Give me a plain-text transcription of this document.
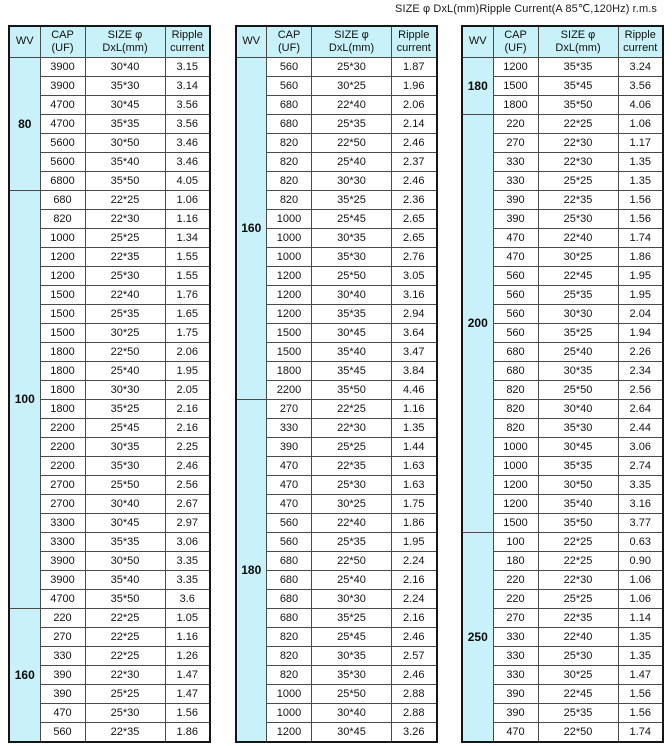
SIZE φ DxL(mm)Ripple Current(A 85℃,120Hz) r.m.s
WV

CAP
(UF)

SIZE φ
DxL(mm)

Ripple
current

80	3900	30*40	3.15
	3900	35*30	3.14
	4700	30*45	3.56
	4700	35*35	3.56
	5600	30*50	3.46
	5600	35*40	3.46
	6800	35*50	4.05
100	680	22*25	1.06
	820	22*30	1.16
	1000	25*25	1.34
	1200	22*35	1.55
	1200	25*30	1.55
	1500	22*40	1.76
	1500	25*35	1.65
	1500	30*25	1.75
	1800	22*50	2.06
	1800	25*40	1.95
	1800	30*30	2.05
	1800	35*25	2.16
	2200	25*45	2.16
	2200	30*35	2.25
	2200	35*30	2.46
	2700	25*50	2.56
	2700	30*40	2.67
	3300	30*45	2.97
	3300	35*35	3.06
	3900	30*50	3.35
	3900	35*40	3.35
	4700	35*50	3.6
160	220	22*25	1.05
	270	22*25	1.16
	330	22*25	1.26
	390	22*30	1.47
	390	25*25	1.47
	470	25*30	1.56
	560	22*35	1.86
WV

CAP
(UF)

SIZE φ
DxL(mm)

Ripple
current

160	560	25*30	1.87
	560	30*25	1.96
	680	22*40	2.06
	680	25*35	2.14
	820	22*50	2.46
	820	25*40	2.37
	820	30*30	2.46
	820	35*25	2.36
	1000	25*45	2.65
	1000	30*35	2.65
	1000	35*30	2.76
	1200	25*50	3.05
	1200	30*40	3.16
	1200	35*35	2.94
	1500	30*45	3.64
	1500	35*40	3.47
	1800	35*45	3.84
	2200	35*50	4.46
180	270	22*25	1.16
	330	22*30	1.35
	390	25*25	1.44
	470	22*35	1.63
	470	25*30	1.63
	470	30*25	1.75
	560	22*40	1.86
	560	25*35	1.95
	680	22*50	2.24
	680	25*40	2.16
	680	30*30	2.24
	680	35*25	2.16
	820	25*45	2.46
	820	30*35	2.57
	820	35*30	2.46
	1000	25*50	2.88
	1000	30*40	2.88
	1200	30*45	3.26
WV

CAP
(UF)

SIZE φ
DxL(mm)

Ripple
current

180	1200	35*35	3.24
	1500	35*45	3.56
	1800	35*50	4.06
200	220	22*25	1.06
	270	22*30	1.17
	330	22*30	1.35
	330	25*25	1.35
	390	22*35	1.56
	390	25*30	1.56
	470	22*40	1.74
	470	30*25	1.86
	560	22*45	1.95
	560	25*35	1.95
	560	30*30	2.04
	560	35*25	1.94
	680	25*40	2.26
	680	30*35	2.34
	820	25*50	2.56
	820	30*40	2.64
	820	35*30	2.44
	1000	30*45	3.06
	1000	35*35	2.74
	1200	30*50	3.35
	1200	35*40	3.16
	1500	35*50	3.77
250	100	22*25	0.63
	180	22*25	0.90
	220	22*30	1.06
	220	25*25	1.06
	270	22*35	1.14
	330	22*40	1.35
	330	25*30	1.35
	330	30*25	1.47
	390	22*45	1.56
	390	25*35	1.56
	470	22*50	1.74
